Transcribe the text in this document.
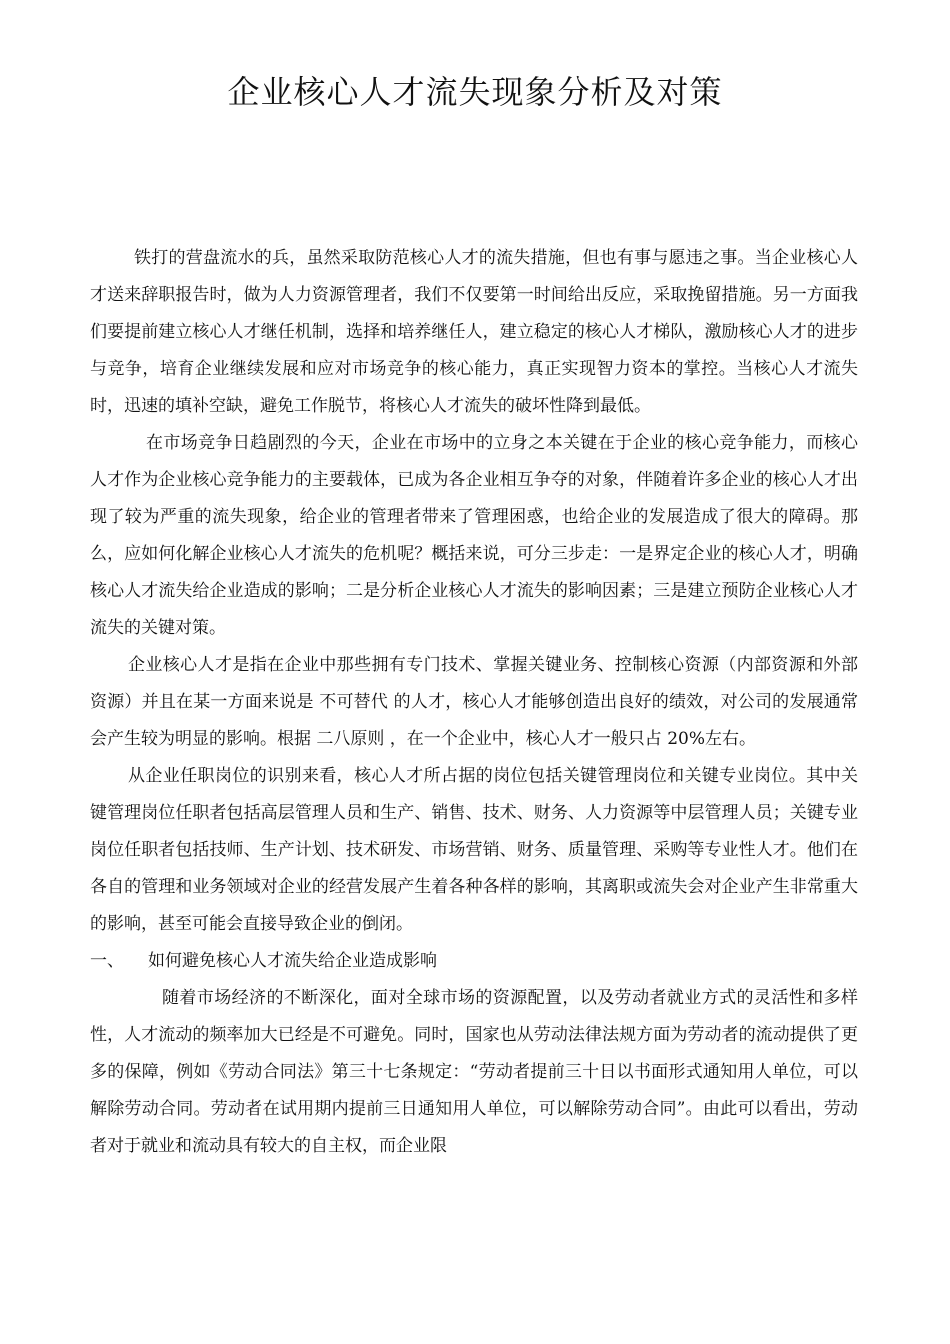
企业核心人才流失现象分析及对策

铁打的营盘流水的兵，虽然采取防范核心人才的流失措施，但也有事与愿违之事。当企业核心人才送来辞职报告时，做为人力资源管理者，我们不仅要第一时间给出反应，采取挽留措施。另一方面我们要提前建立核心人才继任机制，选择和培养继任人，建立稳定的核心人才梯队，激励核心人才的进步与竞争，培育企业继续发展和应对市场竞争的核心能力，真正实现智力资本的掌控。当核心人才流失时，迅速的填补空缺，避免工作脱节，将核心人才流失的破坏性降到最低。

在市场竞争日趋剧烈的今天，企业在市场中的立身之本关键在于企业的核心竞争能力，而核心人才作为企业核心竞争能力的主要载体，已成为各企业相互争夺的对象，伴随着许多企业的核心人才出现了较为严重的流失现象，给企业的管理者带来了管理困惑，也给企业的发展造成了很大的障碍。那么，应如何化解企业核心人才流失的危机呢？概括来说，可分三步走：一是界定企业的核心人才，明确核心人才流失给企业造成的影响；二是分析企业核心人才流失的影响因素；三是建立预防企业核心人才流失的关键对策。

企业核心人才是指在企业中那些拥有专门技术、掌握关键业务、控制核心资源（内部资源和外部资源）并且在某一方面来说是 不可替代 的人才，核心人才能够创造出良好的绩效，对公司的发展通常会产生较为明显的影响。根据 二八原则 ，在一个企业中，核心人才一般只占 20%左右。

从企业任职岗位的识别来看，核心人才所占据的岗位包括关键管理岗位和关键专业岗位。其中关键管理岗位任职者包括高层管理人员和生产、销售、技术、财务、人力资源等中层管理人员；关键专业岗位任职者包括技师、生产计划、技术研发、市场营销、财务、质量管理、采购等专业性人才。他们在各自的管理和业务领域对企业的经营发展产生着各种各样的影响，其离职或流失会对企业产生非常重大的影响，甚至可能会直接导致企业的倒闭。

一、	如何避免核心人才流失给企业造成影响

随着市场经济的不断深化，面对全球市场的资源配置，以及劳动者就业方式的灵活性和多样性，人才流动的频率加大已经是不可避免。同时，国家也从劳动法律法规方面为劳动者的流动提供了更多的保障，例如《劳动合同法》第三十七条规定：“劳动者提前三十日以书面形式通知用人单位，可以解除劳动合同。劳动者在试用期内提前三日通知用人单位，可以解除劳动合同”。由此可以看出，劳动者对于就业和流动具有较大的自主权，而企业限
